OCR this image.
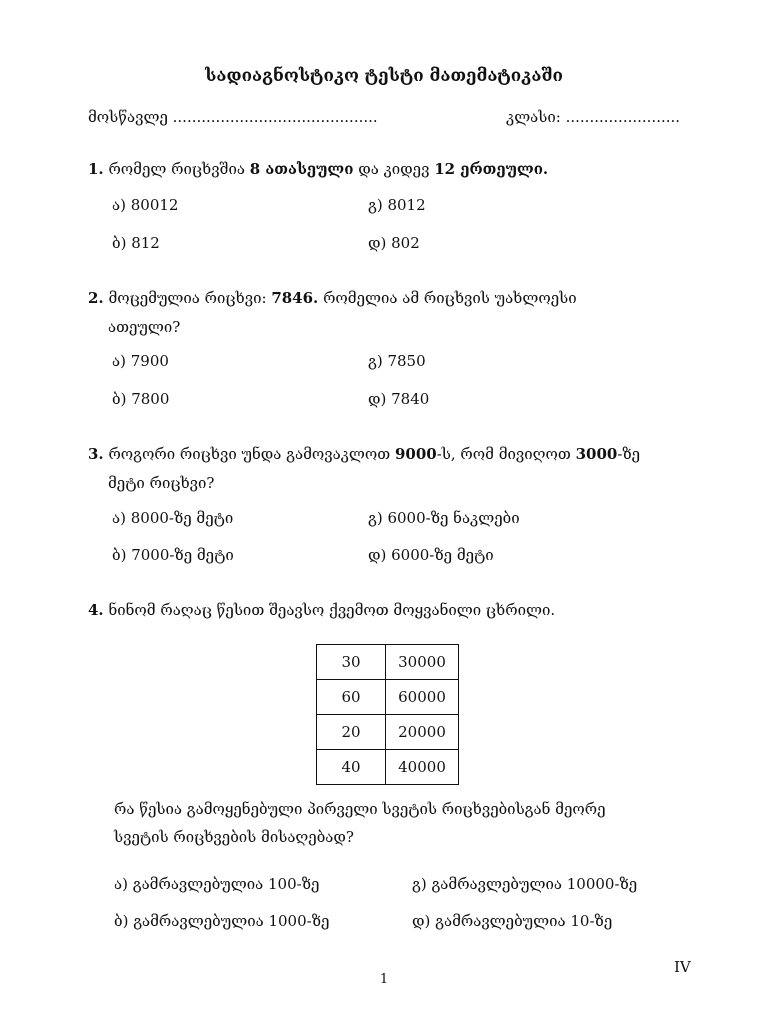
სადიაგნოსტიკო ტესტი მათემატიკაში
მოსწავლე ...........................................	კლასი: ........................
1. რომელ რიცხვშია 8 ათასეული და კიდევ 12 ერთეული.
ა) 80012	გ) 8012
ბ) 812	დ) 802
2. მოცემულია რიცხვი: 7846. რომელია ამ რიცხვის უახლოესი
ათეული?
ა) 7900	გ) 7850
ბ) 7800	დ) 7840
3. როგორი რიცხვი უნდა გამოვაკლოთ 9000-ს, რომ მივიღოთ 3000-ზე
მეტი რიცხვი?
ა) 8000-ზე მეტი	გ) 6000-ზე ნაკლები
ბ) 7000-ზე მეტი	დ) 6000-ზე მეტი
4. ნინომ რაღაც წესით შეავსო ქვემოთ მოყვანილი ცხრილი.
30	30000
60	60000
20	20000
40	40000
რა წესია გამოყენებული პირველი სვეტის რიცხვებისგან მეორე
სვეტის რიცხვების მისაღებად?
ა) გამრავლებულია 100-ზე	გ) გამრავლებულია 10000-ზე
ბ) გამრავლებულია 1000-ზე	დ) გამრავლებულია 10-ზე
IV
1
